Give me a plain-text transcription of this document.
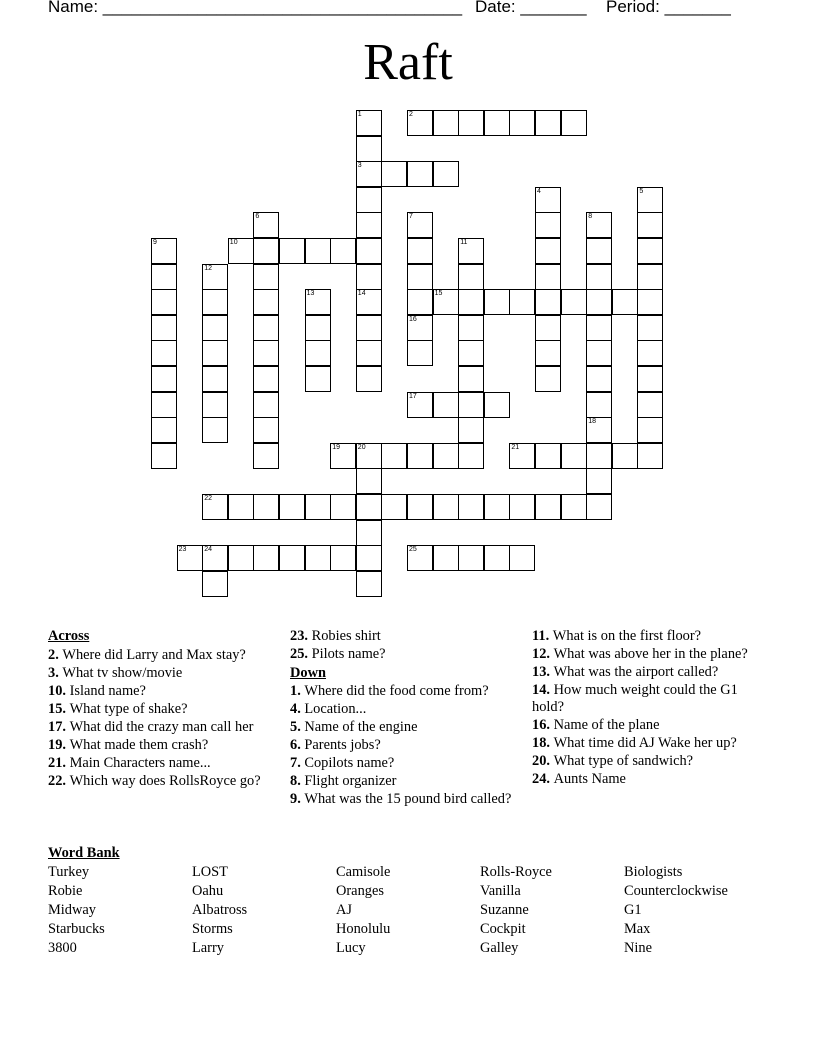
Name: ______________________________________ Date: _______ Period: _______
Raft
1
3
14
2
4	5
6	7
16
8
18
9	10	11
12
13	15
17
19	20	21
22
23	24	25
Across
2. Where did Larry and Max stay?
3. What tv show/movie
10. Island name?
15. What type of shake?
17. What did the crazy man call her
19. What made them crash?
21. Main Characters name...
22. Which way does RollsRoyce go?
23. Robies shirt
25. Pilots name?
Down
1. Where did the food come from?
4. Location...
5. Name of the engine
6. Parents jobs?
7. Copilots name?
8. Flight organizer
9. What was the 15 pound bird called?
11. What is on the first floor?
12. What was above her in the plane?
13. What was the airport called?
14. How much weight could the G1 hold?
16. Name of the plane
18. What time did AJ Wake her up?
20. What type of sandwich?
24. Aunts Name
Word Bank
Turkey
Robie
Midway
Starbucks
3800
LOST
Oahu
Albatross
Storms
Larry
Camisole
Oranges
AJ
Honolulu
Lucy
Rolls-Royce
Vanilla
Suzanne
Cockpit
Galley
Biologists
Counterclockwise
G1
Max
Nine
